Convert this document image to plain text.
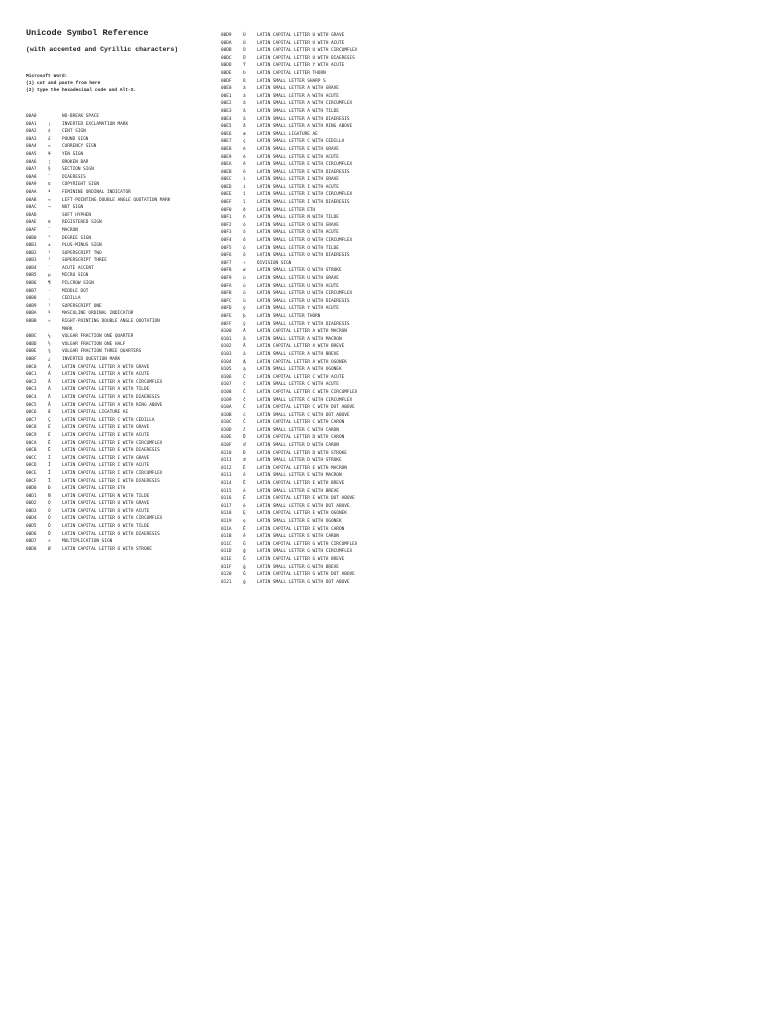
Unicode Symbol Reference
(with accented and Cyrillic characters)
Microsoft Word:
(1) cut and paste from here
(2) type the hexadecimal code and Alt-X.
00A0	NO-BREAK SPACE
00A1	¡	INVERTED EXCLAMATION MARK
00A2	¢	CENT SIGN
00A3	£	POUND SIGN
00A4	¤	CURRENCY SIGN
00A5	¥	YEN SIGN
00A6	¦	BROKEN BAR
00A7	§	SECTION SIGN
00A8	¨	DIAERESIS
00A9	©	COPYRIGHT SIGN
00AA	ª	FEMININE ORDINAL INDICATOR
00AB	«	LEFT-POINTING DOUBLE ANGLE QUOTATION MARK
00AC	¬	NOT SIGN
00AD	SOFT HYPHEN
00AE	®	REGISTERED SIGN
00AF	¯	MACRON
00B0	°	DEGREE SIGN
00B1	±	PLUS-MINUS SIGN
00B2	²	SUPERSCRIPT TWO
00B3	³	SUPERSCRIPT THREE
00B4	´	ACUTE ACCENT
00B5	µ	MICRO SIGN
00B6	¶	PILCROW SIGN
00B7	·	MIDDLE DOT
00B8	¸	CEDILLA
00B9	¹	SUPERSCRIPT ONE
00BA	º	MASCULINE ORDINAL INDICATOR
00BB	»	RIGHT-POINTING DOUBLE ANGLE QUOTATION
MARK
00BC	¼	VULGAR FRACTION ONE QUARTER
00BD	½	VULGAR FRACTION ONE HALF
00BE	¾	VULGAR FRACTION THREE QUARTERS
00BF	¿	INVERTED QUESTION MARK
00C0	À	LATIN CAPITAL LETTER A WITH GRAVE
00C1	Á	LATIN CAPITAL LETTER A WITH ACUTE
00C2	Â	LATIN CAPITAL LETTER A WITH CIRCUMFLEX
00C3	Ã	LATIN CAPITAL LETTER A WITH TILDE
00C4	Ä	LATIN CAPITAL LETTER A WITH DIAERESIS
00C5	Å	LATIN CAPITAL LETTER A WITH RING ABOVE
00C6	Æ	LATIN CAPITAL LIGATURE AE
00C7	Ç	LATIN CAPITAL LETTER C WITH CEDILLA
00C8	È	LATIN CAPITAL LETTER E WITH GRAVE
00C9	É	LATIN CAPITAL LETTER E WITH ACUTE
00CA	Ê	LATIN CAPITAL LETTER E WITH CIRCUMFLEX
00CB	Ë	LATIN CAPITAL LETTER E WITH DIAERESIS
00CC	Ì	LATIN CAPITAL LETTER I WITH GRAVE
00CD	Í	LATIN CAPITAL LETTER I WITH ACUTE
00CE	Î	LATIN CAPITAL LETTER I WITH CIRCUMFLEX
00CF	Ï	LATIN CAPITAL LETTER I WITH DIAERESIS
00D0	Ð	LATIN CAPITAL LETTER ETH
00D1	Ñ	LATIN CAPITAL LETTER N WITH TILDE
00D2	Ò	LATIN CAPITAL LETTER O WITH GRAVE
00D3	Ó	LATIN CAPITAL LETTER O WITH ACUTE
00D4	Ô	LATIN CAPITAL LETTER O WITH CIRCUMFLEX
00D5	Õ	LATIN CAPITAL LETTER O WITH TILDE
00D6	Ö	LATIN CAPITAL LETTER O WITH DIAERESIS
00D7	×	MULTIPLICATION SIGN
00D8	Ø	LATIN CAPITAL LETTER O WITH STROKE
00D9	Ù	LATIN CAPITAL LETTER U WITH GRAVE
00DA	Ú	LATIN CAPITAL LETTER U WITH ACUTE
00DB	Û	LATIN CAPITAL LETTER U WITH CIRCUMFLEX
00DC	Ü	LATIN CAPITAL LETTER U WITH DIAERESIS
00DD	Ý	LATIN CAPITAL LETTER Y WITH ACUTE
00DE	Þ	LATIN CAPITAL LETTER THORN
00DF	ß	LATIN SMALL LETTER SHARP S
00E0	à	LATIN SMALL LETTER A WITH GRAVE
00E1	á	LATIN SMALL LETTER A WITH ACUTE
00E2	â	LATIN SMALL LETTER A WITH CIRCUMFLEX
00E3	ã	LATIN SMALL LETTER A WITH TILDE
00E4	ä	LATIN SMALL LETTER A WITH DIAERESIS
00E5	å	LATIN SMALL LETTER A WITH RING ABOVE
00E6	æ	LATIN SMALL LIGATURE AE
00E7	ç	LATIN SMALL LETTER C WITH CEDILLA
00E8	è	LATIN SMALL LETTER E WITH GRAVE
00E9	é	LATIN SMALL LETTER E WITH ACUTE
00EA	ê	LATIN SMALL LETTER E WITH CIRCUMFLEX
00EB	ë	LATIN SMALL LETTER E WITH DIAERESIS
00EC	ì	LATIN SMALL LETTER I WITH GRAVE
00ED	í	LATIN SMALL LETTER I WITH ACUTE
00EE	î	LATIN SMALL LETTER I WITH CIRCUMFLEX
00EF	ï	LATIN SMALL LETTER I WITH DIAERESIS
00F0	ð	LATIN SMALL LETTER ETH
00F1	ñ	LATIN SMALL LETTER N WITH TILDE
00F2	ò	LATIN SMALL LETTER O WITH GRAVE
00F3	ó	LATIN SMALL LETTER O WITH ACUTE
00F4	ô	LATIN SMALL LETTER O WITH CIRCUMFLEX
00F5	õ	LATIN SMALL LETTER O WITH TILDE
00F6	ö	LATIN SMALL LETTER O WITH DIAERESIS
00F7	÷	DIVISION SIGN
00F8	ø	LATIN SMALL LETTER O WITH STROKE
00F9	ù	LATIN SMALL LETTER U WITH GRAVE
00FA	ú	LATIN SMALL LETTER U WITH ACUTE
00FB	û	LATIN SMALL LETTER U WITH CIRCUMFLEX
00FC	ü	LATIN SMALL LETTER U WITH DIAERESIS
00FD	ý	LATIN SMALL LETTER Y WITH ACUTE
00FE	þ	LATIN SMALL LETTER THORN
00FF	ÿ	LATIN SMALL LETTER Y WITH DIAERESIS
0100	Ā	LATIN CAPITAL LETTER A WITH MACRON
0101	ā	LATIN SMALL LETTER A WITH MACRON
0102	Ă	LATIN CAPITAL LETTER A WITH BREVE
0103	ă	LATIN SMALL LETTER A WITH BREVE
0104	Ą	LATIN CAPITAL LETTER A WITH OGONEK
0105	ą	LATIN SMALL LETTER A WITH OGONEK
0106	Ć	LATIN CAPITAL LETTER C WITH ACUTE
0107	ć	LATIN SMALL LETTER C WITH ACUTE
0108	Ĉ	LATIN CAPITAL LETTER C WITH CIRCUMFLEX
0109	ĉ	LATIN SMALL LETTER C WITH CIRCUMFLEX
010A	Ċ	LATIN CAPITAL LETTER C WITH DOT ABOVE
010B	ċ	LATIN SMALL LETTER C WITH DOT ABOVE
010C	Č	LATIN CAPITAL LETTER C WITH CARON
010D	č	LATIN SMALL LETTER C WITH CARON
010E	Ď	LATIN CAPITAL LETTER D WITH CARON
010F	ď	LATIN SMALL LETTER D WITH CARON
0110	Đ	LATIN CAPITAL LETTER D WITH STROKE
0111	đ	LATIN SMALL LETTER D WITH STROKE
0112	Ē	LATIN CAPITAL LETTER E WITH MACRON
0113	ē	LATIN SMALL LETTER E WITH MACRON
0114	Ĕ	LATIN CAPITAL LETTER E WITH BREVE
0115	ĕ	LATIN SMALL LETTER E WITH BREVE
0116	Ė	LATIN CAPITAL LETTER E WITH DOT ABOVE
0117	ė	LATIN SMALL LETTER E WITH DOT ABOVE
0118	Ę	LATIN CAPITAL LETTER E WITH OGONEK
0119	ę	LATIN SMALL LETTER E WITH OGONEK
011A	Ě	LATIN CAPITAL LETTER E WITH CARON
011B	ě	LATIN SMALL LETTER E WITH CARON
011C	Ĝ	LATIN CAPITAL LETTER G WITH CIRCUMFLEX
011D	ĝ	LATIN SMALL LETTER G WITH CIRCUMFLEX
011E	Ğ	LATIN CAPITAL LETTER G WITH BREVE
011F	ğ	LATIN SMALL LETTER G WITH BREVE
0120	Ġ	LATIN CAPITAL LETTER G WITH DOT ABOVE
0121	ġ	LATIN SMALL LETTER G WITH DOT ABOVE
